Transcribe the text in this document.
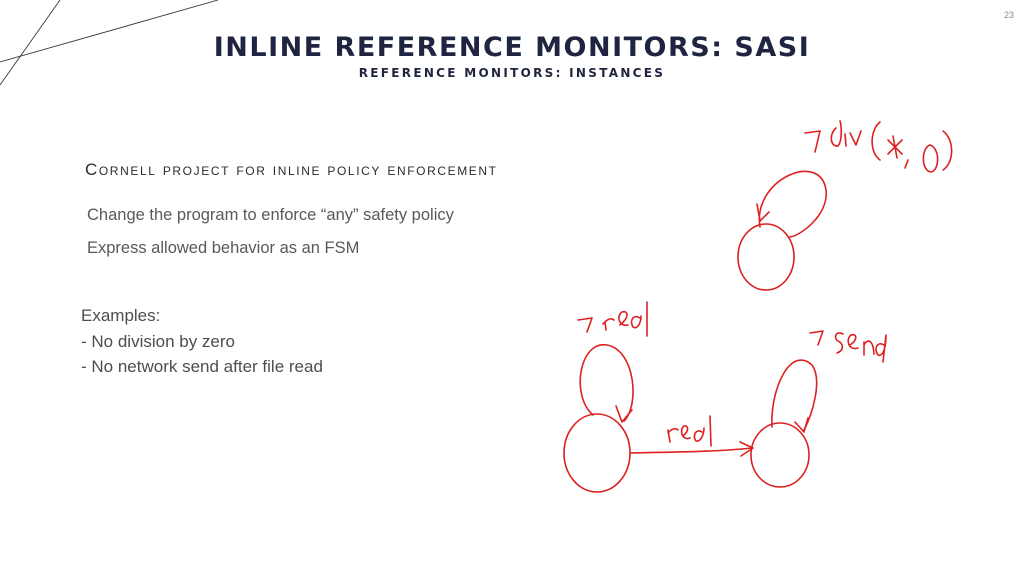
23
INLINE REFERENCE MONITORS: SASI
REFERENCE MONITORS: INSTANCES
Cornell project for inline policy enforcement
Change the program to enforce “any” safety policy
Express allowed behavior as an FSM
Examples:
- No division by zero
- No network send after file read
